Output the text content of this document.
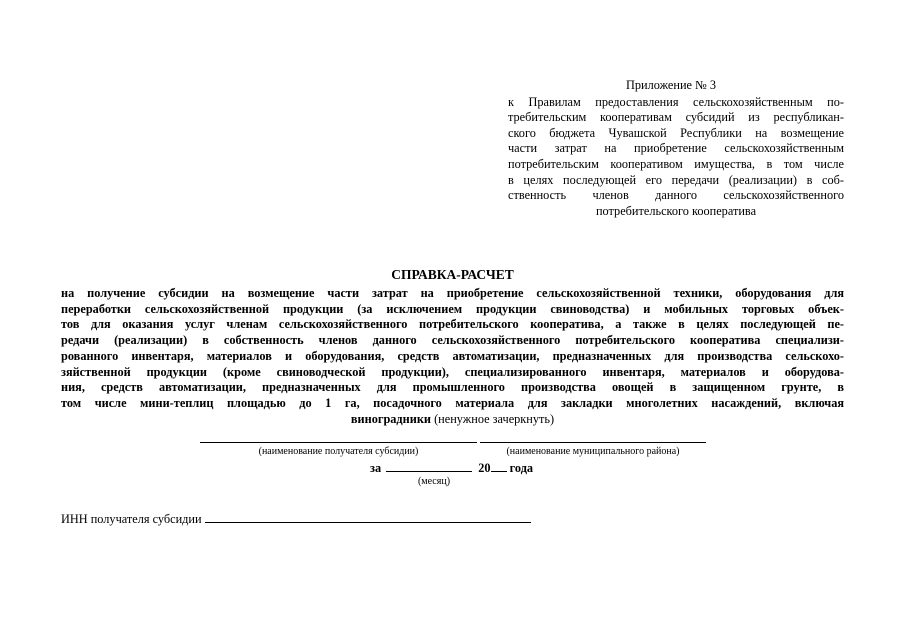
Приложение № 3
к Правилам предоставления сельскохозяйственным по-
требительским кооперативам субсидий из республикан-
ского бюджета Чувашской Республики на возмещение
части затрат на приобретение сельскохозяйственным
потребительским кооперативом имущества, в том числе
в целях последующей его передачи (реализации) в соб-
ственность членов данного сельскохозяйственного
потребительского кооператива
СПРАВКА-РАСЧЕТ
на получение субсидии на возмещение части затрат на приобретение сельскохозяйственной техники, оборудования для
переработки сельскохозяйственной продукции (за исключением продукции свиноводства) и мобильных торговых объек-
тов для оказания услуг членам сельскохозяйственного потребительского кооператива, а также в целях последующей пе-
редачи (реализации) в собственность членов данного сельскохозяйственного потребительского кооператива специализи-
рованного инвентаря, материалов и оборудования, средств автоматизации, предназначенных для производства сельскохо-
зяйственной продукции (кроме свиноводческой продукции), специализированного инвентаря, материалов и оборудова-
ния, средств автоматизации, предназначенных для промышленного производства овощей в защищенном грунте, в
том числе мини-теплиц площадью до 1 га, посадочного материала для закладки многолетних насаждений, включая
виноградники (ненужное зачеркнуть)
(наименование получателя субсидии)	(наименование муниципального района)
за	20 года
(месяц)
ИНН получателя субсидии
